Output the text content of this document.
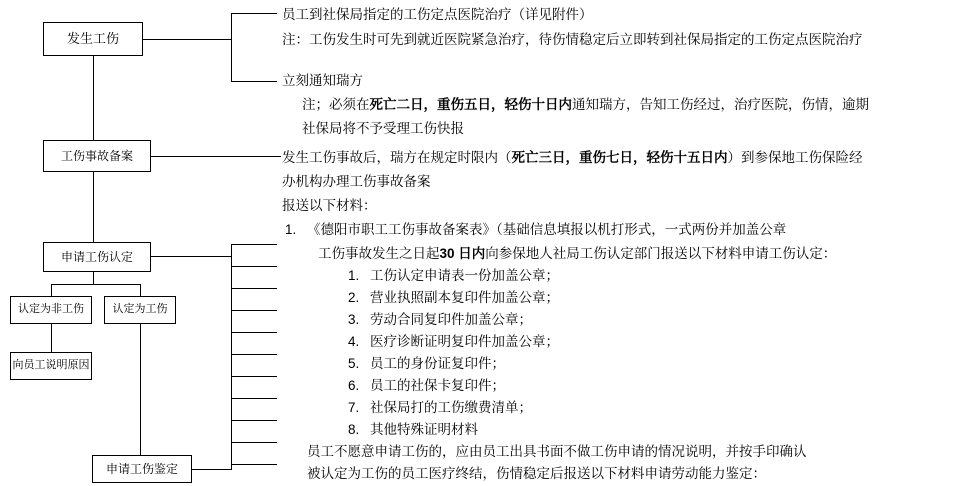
发生工伤
工伤事故备案
申请工伤认定
认定为非工伤	认定为工伤
向员工说明原因
申请工伤鉴定
员工到社保局指定的工伤定点医院治疗（详见附件）
注：工伤发生时可先到就近医院紧急治疗，待伤情稳定后立即转到社保局指定的工伤定点医院治疗
立刻通知瑞方
注；必须在死亡二日，重伤五日，轻伤十日内通知瑞方，告知工伤经过，治疗医院，伤情，逾期
社保局将不予受理工伤快报
发生工伤事故后，瑞方在规定时限内（死亡三日，重伤七日，轻伤十五日内）到参保地工伤保险经
办机构办理工伤事故备案
报送以下材料：
1. 《德阳市职工工伤事故备案表》（基础信息填报以机打形式，一式两份并加盖公章
工伤事故发生之日起30 日内向参保地人社局工伤认定部门报送以下材料申请工伤认定：
1. 工伤认定申请表一份加盖公章；
2. 营业执照副本复印件加盖公章；
3. 劳动合同复印件加盖公章；
4. 医疗诊断证明复印件加盖公章；
5. 员工的身份证复印件；
6. 员工的社保卡复印件；
7. 社保局打的工伤缴费清单；
8. 其他特殊证明材料
员工不愿意申请工伤的，应由员工出具书面不做工伤申请的情况说明，并按手印确认
被认定为工伤的员工医疗终结，伤情稳定后报送以下材料申请劳动能力鉴定：
